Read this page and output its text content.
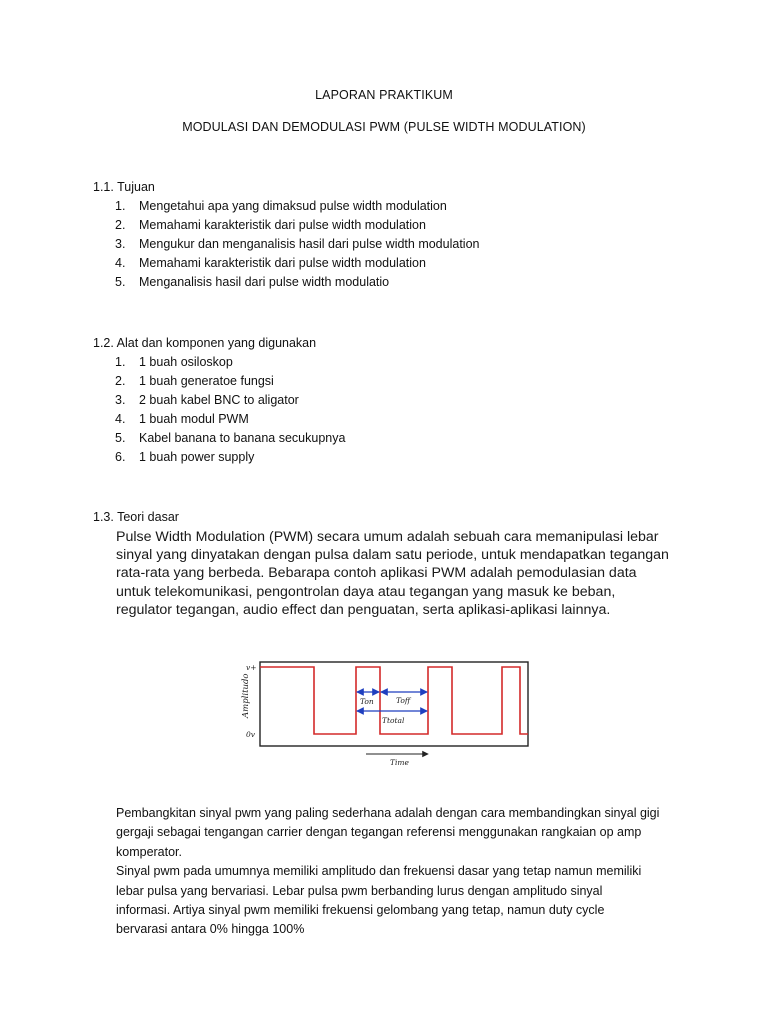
LAPORAN PRAKTIKUM
MODULASI DAN DEMODULASI PWM (PULSE WIDTH MODULATION)
1.1. Tujuan
1.	Mengetahui apa yang dimaksud pulse width modulation
2.	Memahami karakteristik dari pulse width modulation
3.	Mengukur dan menganalisis hasil dari pulse width modulation
4.	Memahami karakteristik dari pulse width modulation
5.	Menganalisis hasil dari pulse width modulatio
1.2. Alat dan komponen yang digunakan
1.	1 buah osiloskop
2.	1 buah generatoe fungsi
3.	2 buah kabel BNC to aligator
4.	1 buah modul PWM
5.	Kabel banana to banana secukupnya
6.	1 buah power supply
1.3. Teori dasar

Pulse Width Modulation (PWM) secara umum adalah sebuah cara memanipulasi lebar

sinyal yang dinyatakan dengan pulsa dalam satu periode, untuk mendapatkan tegangan

rata-rata yang berbeda. Bebarapa contoh aplikasi PWM adalah pemodulasian data

untuk telekomunikasi, pengontrolan daya atau tegangan yang masuk ke beban,

regulator tegangan, audio effect dan penguatan, serta aplikasi-aplikasi lainnya.

Amplitudo
v+
0v
Ton	Toff
Ttotal
Time

Pembangkitan sinyal pwm yang paling sederhana adalah dengan cara membandingkan sinyal gigi

gergaji sebagai tengangan carrier dengan tegangan referensi menggunakan rangkaian op amp

komperator.

Sinyal pwm pada umumnya memiliki amplitudo dan frekuensi dasar yang tetap namun memiliki

lebar pulsa yang bervariasi. Lebar pulsa pwm berbanding lurus dengan amplitudo sinyal

informasi. Artiya sinyal pwm memiliki frekuensi gelombang yang tetap, namun duty cycle

bervarasi antara 0% hingga 100%
